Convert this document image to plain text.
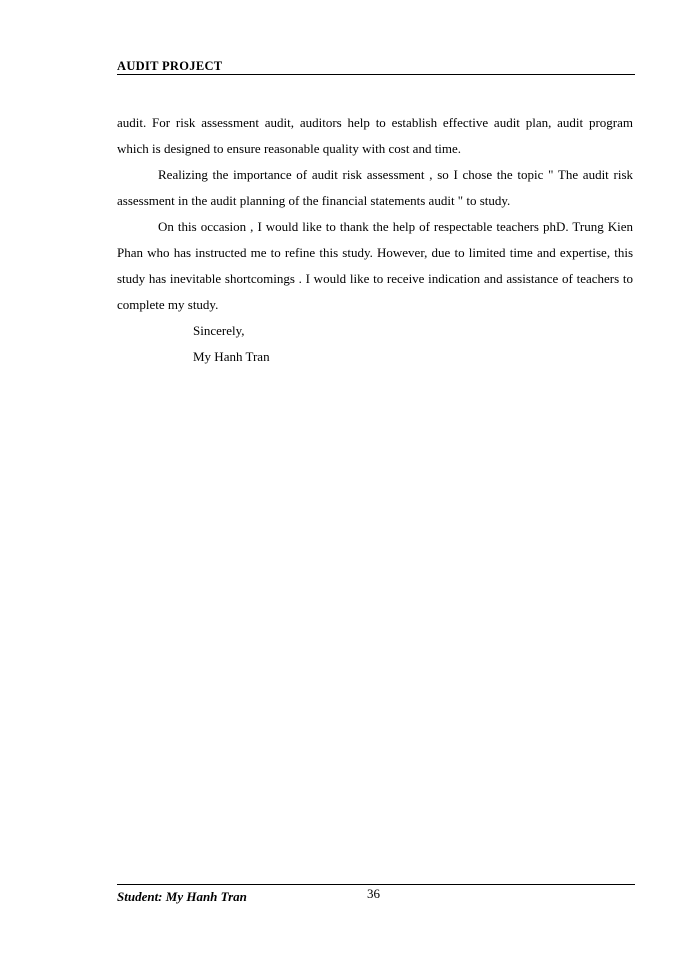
AUDIT PROJECT

audit. For risk assessment audit, auditors help to establish effective audit plan, audit program which is designed to ensure reasonable quality with cost and time.

Realizing the importance of audit risk assessment , so I chose the topic " The audit risk assessment in the audit planning of the financial statements audit " to study.

On this occasion , I would like to thank the help of respectable teachers phD. Trung Kien Phan who has instructed me to refine this study. However, due to limited time and expertise, this study has inevitable shortcomings . I would like to receive indication and assistance of teachers to complete my study.

Sincerely,

My Hanh Tran

Student: My Hanh Tran	36
